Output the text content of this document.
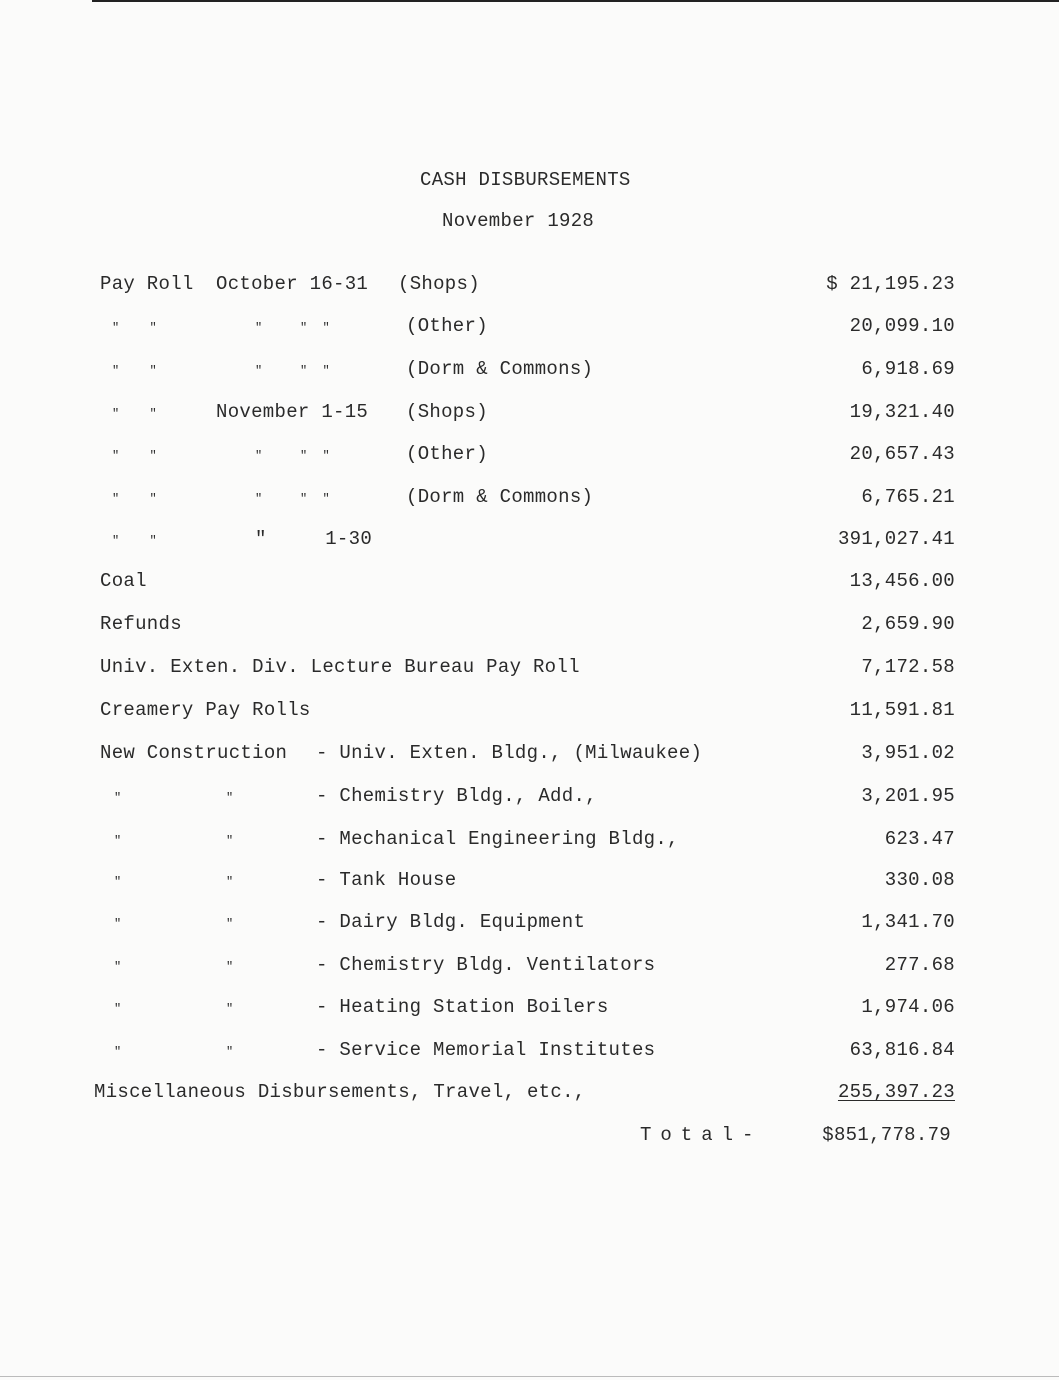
CASH DISBURSEMENTS
November 1928
Pay Roll October 16-31 (Shops)	$ 21,195.23
"    "	"     "  "	(Other)	20,099.10
"    "	"     "  "	(Dorm & Commons)	6,918.69
"    "	November 1-15 (Shops)	19,321.40
"    "	"     "  "	(Other)	20,657.43
"    "	"     "  "	(Dorm & Commons)	6,765.21
"    "	"     1-30	391,027.41
Coal	13,456.00
Refunds	2,659.90
Univ. Exten. Div. Lecture Bureau Pay Roll	7,172.58
Creamery Pay Rolls	11,591.81
New Construction - Univ. Exten. Bldg., (Milwaukee)	3,951.02
"	"	- Chemistry Bldg., Add.,	3,201.95
"	"	- Mechanical Engineering Bldg.,	623.47
"	"	- Tank House	330.08
"	"	- Dairy Bldg. Equipment	1,341.70
"	"	- Chemistry Bldg. Ventilators	277.68
"	"	- Heating Station Boilers	1,974.06
"	"	- Service Memorial Institutes	63,816.84
Miscellaneous Disbursements, Travel, etc.,	255,397.23
Total-	$851,778.79
